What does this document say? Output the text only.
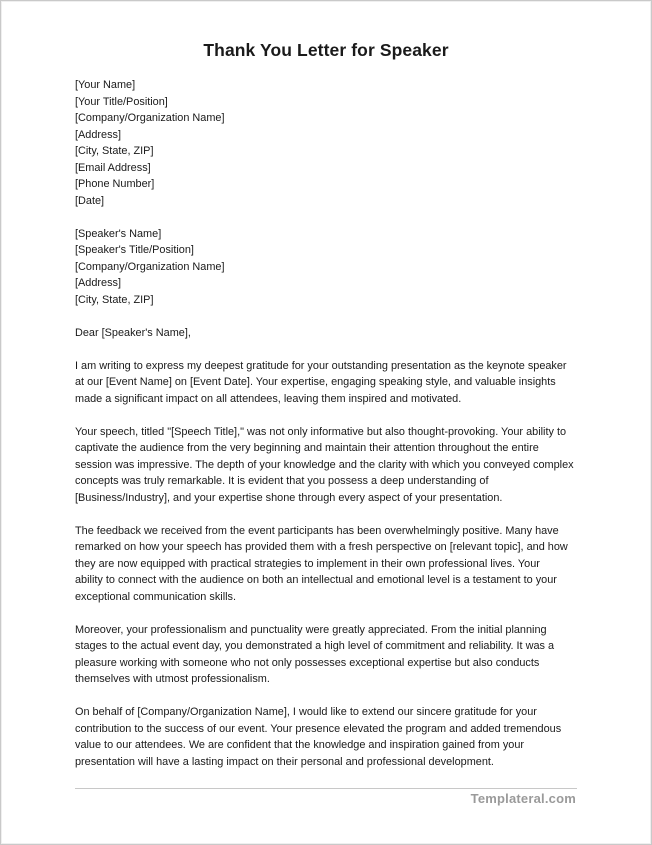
Thank You Letter for Speaker
[Your Name]
[Your Title/Position]
[Company/Organization Name]
[Address]
[City, State, ZIP]
[Email Address]
[Phone Number]
[Date]
[Speaker's Name]
[Speaker's Title/Position]
[Company/Organization Name]
[Address]
[City, State, ZIP]

Dear [Speaker's Name],

I am writing to express my deepest gratitude for your outstanding presentation as the keynote speaker
at our [Event Name] on [Event Date]. Your expertise, engaging speaking style, and valuable insights
made a significant impact on all attendees, leaving them inspired and motivated.

Your speech, titled "[Speech Title]," was not only informative but also thought-provoking. Your ability to
captivate the audience from the very beginning and maintain their attention throughout the entire
session was impressive. The depth of your knowledge and the clarity with which you conveyed complex
concepts was truly remarkable. It is evident that you possess a deep understanding of
[Business/Industry], and your expertise shone through every aspect of your presentation.

The feedback we received from the event participants has been overwhelmingly positive. Many have
remarked on how your speech has provided them with a fresh perspective on [relevant topic], and how
they are now equipped with practical strategies to implement in their own professional lives. Your
ability to connect with the audience on both an intellectual and emotional level is a testament to your
exceptional communication skills.

Moreover, your professionalism and punctuality were greatly appreciated. From the initial planning
stages to the actual event day, you demonstrated a high level of commitment and reliability. It was a
pleasure working with someone who not only possesses exceptional expertise but also conducts
themselves with utmost professionalism.

On behalf of [Company/Organization Name], I would like to extend our sincere gratitude for your
contribution to the success of our event. Your presence elevated the program and added tremendous
value to our attendees. We are confident that the knowledge and inspiration gained from your
presentation will have a lasting impact on their personal and professional development.

Templateral.com
